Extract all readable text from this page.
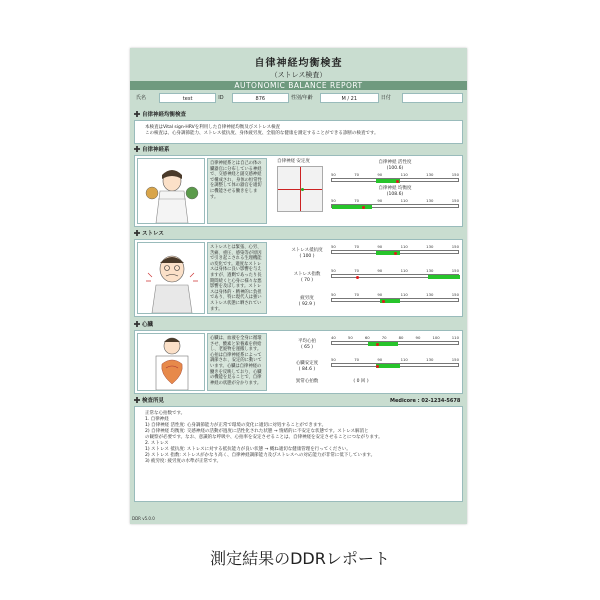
自律神経均衡検査
（ストレス検査）
AUTONOMIC BALANCE REPORT
氏名	test	ID	876	性別/年齢	M / 21	日付
自律神経均衡検査
本検査はVital sign-HRVを利用した自律神経均衡及びストレス検査
この検査は、心身調節能力、ストレス抵抗度、身体疲労度、全般的な健康を測定することができる診断の検査です。
自律神経系
自律神経系とは自己の体の臓器官に分布している神経で、交感神経と副交感神経で構成され、身体の恒常性を調整して体の器官を適切に機能させる働きをします。
自律神経 安定度	自律神経 活性度
(100.6)
50	70	90	110	130	150
自律神経 均衡度
(108.6)
50	70	90	110	130	150
ストレス
ストレスとは緊張、心労、苦痛、重圧、感染等が原因で引き起こされる生理機能の変化です。適度なストレスは身体に良い影響を与えますが、過剰であったり長期間続くと心身に様々な悪影響を及ぼします。ストレスは身体的・精神的に負担であり、特に現代人は強いストレス状態に晒されています。
ストレス抵抗度
( 100 )
50	70	90	110	130	150
ストレス指数
( 70 )
50	70	90	110	130	150
疲労度
( 92.9 )
50	70	90	110	130	150
心臓
心臓は、血液を全身に循環させ、酸素と栄養素を供給し、老廃物を運搬します。心拍は自律神経系によって調節され、安定的に動いています。心臓は自律神経の働きを反映しており、心臓の機能を見ることで、自律神経の状態が分かります。
平均心拍
( 65 )
40	50	60	70	80	90	100	110
心臓安定度
( 84.6 )
50	70	90	110	130	150
異常心拍数	( 0 回 )
検査所見	Medicore : 02-1234-5678
正常な心拍数です。
1. 自律神経
1) 自律神経 活性度: 心身調節能力が正常で環境の変化に適切に対処することができます。
2) 自律神経 均衡度: 交感神経の活動が過度に活性化された状態 → 情緒的に不安定な状態です。ストレス解消と
の観察が必要です。なお、意識的な呼吸や、心拍率を安定させることは、自律神経を安定させることにつながります。
2. ストレス
1) ストレス 抵抗度: ストレスに対する抵抗能力が良い状態 → 概ね適切な健康管理を行ってください。
2) ストレス 指数: ストレスがかなり高く、自律神経調節能力及びストレスへの対応能力が非常に低下しています。
3) 疲労度: 疲労度の水準が正常です。
DDR v5.0.0
測定結果のDDRレポート
